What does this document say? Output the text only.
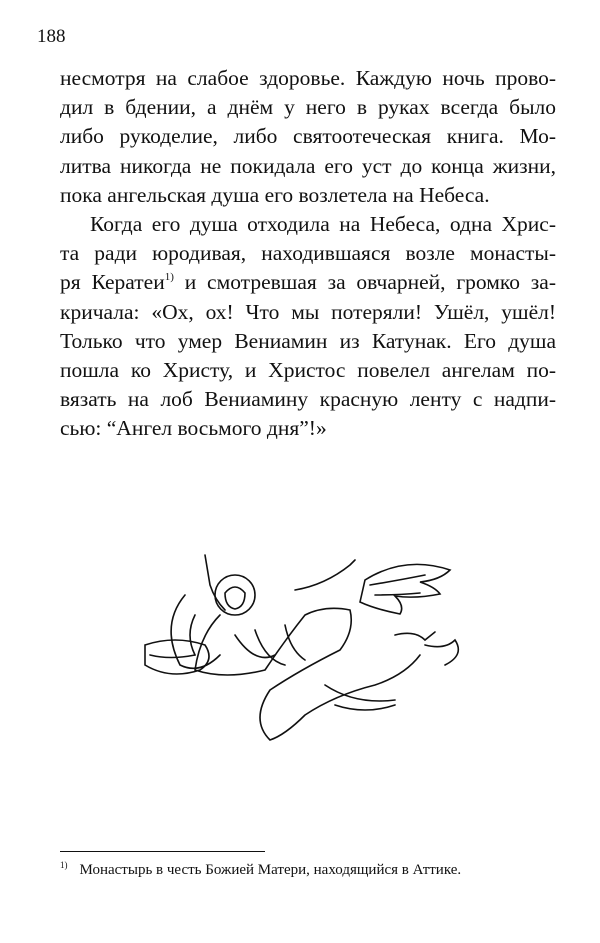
188
несмотря на слабое здоровье. Каждую ночь прово-
дил в бдении, а днём у него в руках всегда было
либо рукоделие, либо святоотеческая книга. Мо-
литва никогда не покидала его уст до конца жизни,
пока ангельская душа его возлетела на Небеса.
Когда его душа отходила на Небеса, одна Хрис-
та ради юродивая, находившаяся возле монасты-
ря Кератеи$^{1)}$ и смотревшая за овчарней, громко за-
кричала: «Ох, ох! Что мы потеряли! Ушёл, ушёл!
Только что умер Вениамин из Катунак. Его душа
пошла ко Христу, и Христос повелел ангелам по-
вязать на лоб Вениамину красную ленту с надпи-
сью: “Ангел восьмого дня”!»
$^{1)}$ Монастырь в честь Божией Матери, находящийся в Аттике.
